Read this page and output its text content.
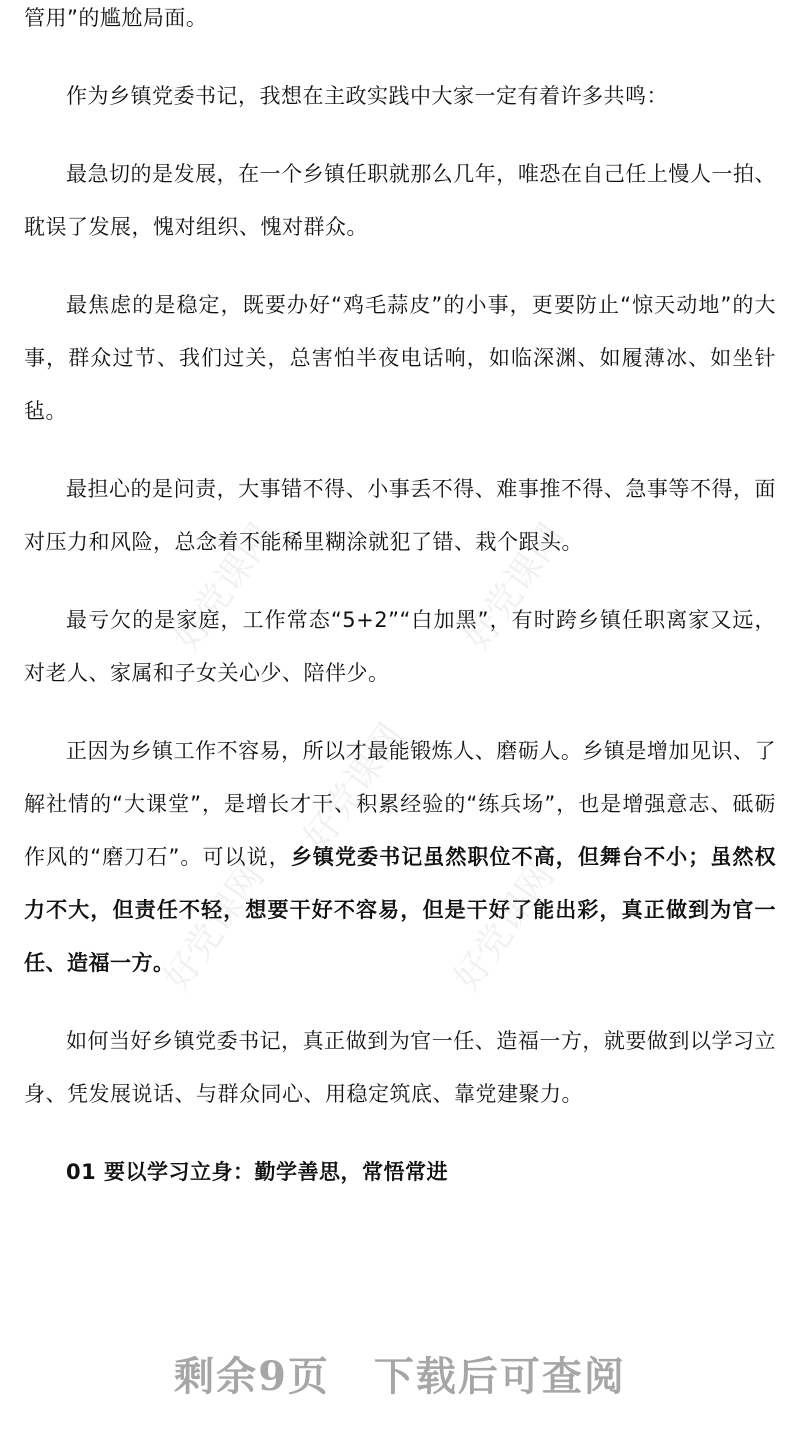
管用”的尴尬局面。

作为乡镇党委书记，我想在主政实践中大家一定有着许多共鸣：

最急切的是发展，在一个乡镇任职就那么几年，唯恐在自己任上慢人一拍、耽误了发展，愧对组织、愧对群众。

最焦虑的是稳定，既要办好“鸡毛蒜皮”的小事，更要防止“惊天动地”的大事，群众过节、我们过关，总害怕半夜电话响，如临深渊、如履薄冰、如坐针毡。

最担心的是问责，大事错不得、小事丢不得、难事推不得、急事等不得，面对压力和风险，总念着不能稀里糊涂就犯了错、栽个跟头。

最亏欠的是家庭，工作常态“5+2”“白加黑”，有时跨乡镇任职离家又远，对老人、家属和子女关心少、陪伴少。

正因为乡镇工作不容易，所以才最能锻炼人、磨砺人。乡镇是增加见识、了解社情的“大课堂”，是增长才干、积累经验的“练兵场”，也是增强意志、砥砺作风的“磨刀石”。可以说，乡镇党委书记虽然职位不高，但舞台不小；虽然权力不大，但责任不轻，想要干好不容易，但是干好了能出彩，真正做到为官一任、造福一方。

如何当好乡镇党委书记，真正做到为官一任、造福一方，就要做到以学习立身、凭发展说话、与群众同心、用稳定筑底、靠党建聚力。

01 要以学习立身：勤学善思，常悟常进

好党课网	好党课网
好党课网
好党课网	好党课网
剩余9页 下载后可查阅
